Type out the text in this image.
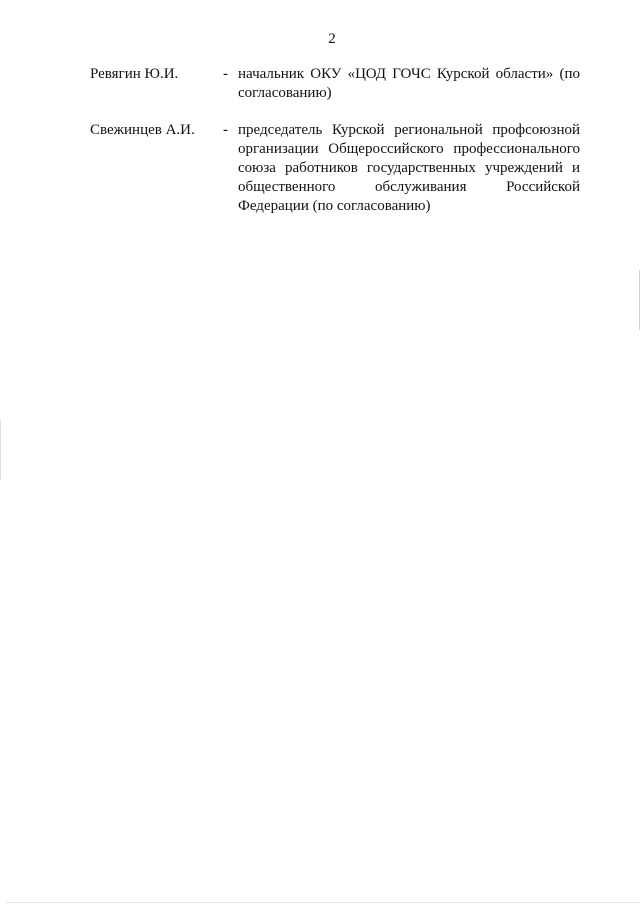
2
Ревягин Ю.И.	- начальник ОКУ «ЦОД ГОЧС Курской области» (по согласованию)
Свежинцев А.И. - председатель Курской региональной профсоюзной организации Общероссийского профессионального союза работников государственных учреждений и общественного обслуживания Российской Федерации (по согласованию)
